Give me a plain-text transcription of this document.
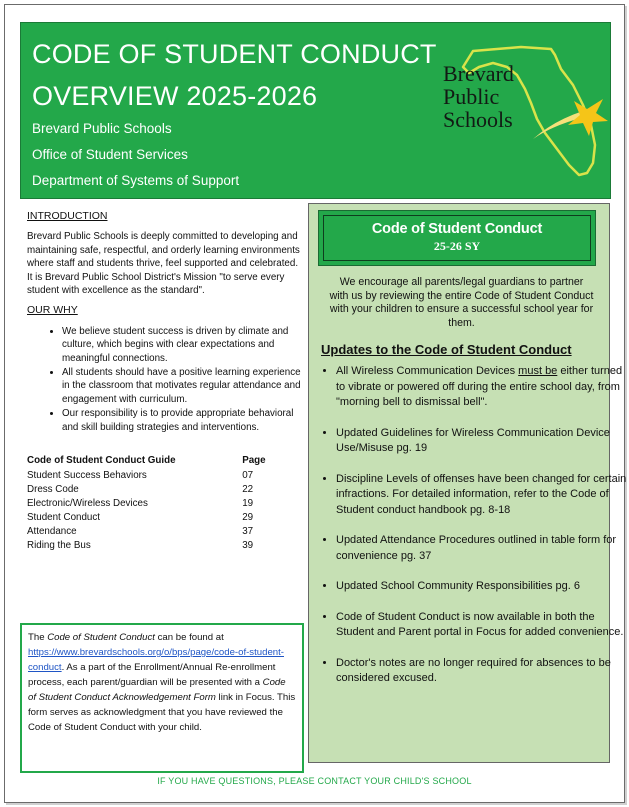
CODE OF STUDENT CONDUCT
OVERVIEW 2025-2026
Brevard Public Schools
Office of Student Services
Department of Systems of Support
Brevard
Public
Schools
INTRODUCTION
Brevard Public Schools is deeply committed to developing and maintaining safe, respectful, and orderly learning environments where staff and students thrive, feel supported and celebrated. It is Brevard Public School District's Mission "to serve every student with excellence as the standard".
OUR WHY
• We believe student success is driven by climate and culture, which begins with clear expectations and meaningful connections.
• All students should have a positive learning experience in the classroom that motivates regular attendance and engagement with curriculum.
• Our responsibility is to provide appropriate behavioral and skill building strategies and interventions.
Code of Student Conduct Guide	Page
Student Success Behaviors	07
Dress Code	22
Electronic/Wireless Devices	19
Student Conduct	29
Attendance	37
Riding the Bus	39
The Code of Student Conduct can be found at https://www.brevardschools.org/o/bps/page/code-of-student-conduct. As a part of the Enrollment/Annual Re-enrollment process, each parent/guardian will be presented with a Code of Student Conduct Acknowledgement Form link in Focus. This form serves as acknowledgment that you have reviewed the Code of Student Conduct with your child.
Code of Student Conduct
25-26 SY
We encourage all parents/legal guardians to partner with us by reviewing the entire Code of Student Conduct with your children to ensure a successful school year for them.
Updates to the Code of Student Conduct
• All Wireless Communication Devices must be either turned to vibrate or powered off during the entire school day, from "morning bell to dismissal bell".
• Updated Guidelines for Wireless Communication Device Use/Misuse pg. 19
• Discipline Levels of offenses have been changed for certain infractions. For detailed information, refer to the Code of Student conduct handbook pg. 8-18
• Updated Attendance Procedures outlined in table form for convenience pg. 37
• Updated School Community Responsibilities pg. 6
• Code of Student Conduct is now available in both the Student and Parent portal in Focus for added convenience.
• Doctor's notes are no longer required for absences to be considered excused.
IF YOU HAVE QUESTIONS, PLEASE CONTACT YOUR CHILD'S SCHOOL
